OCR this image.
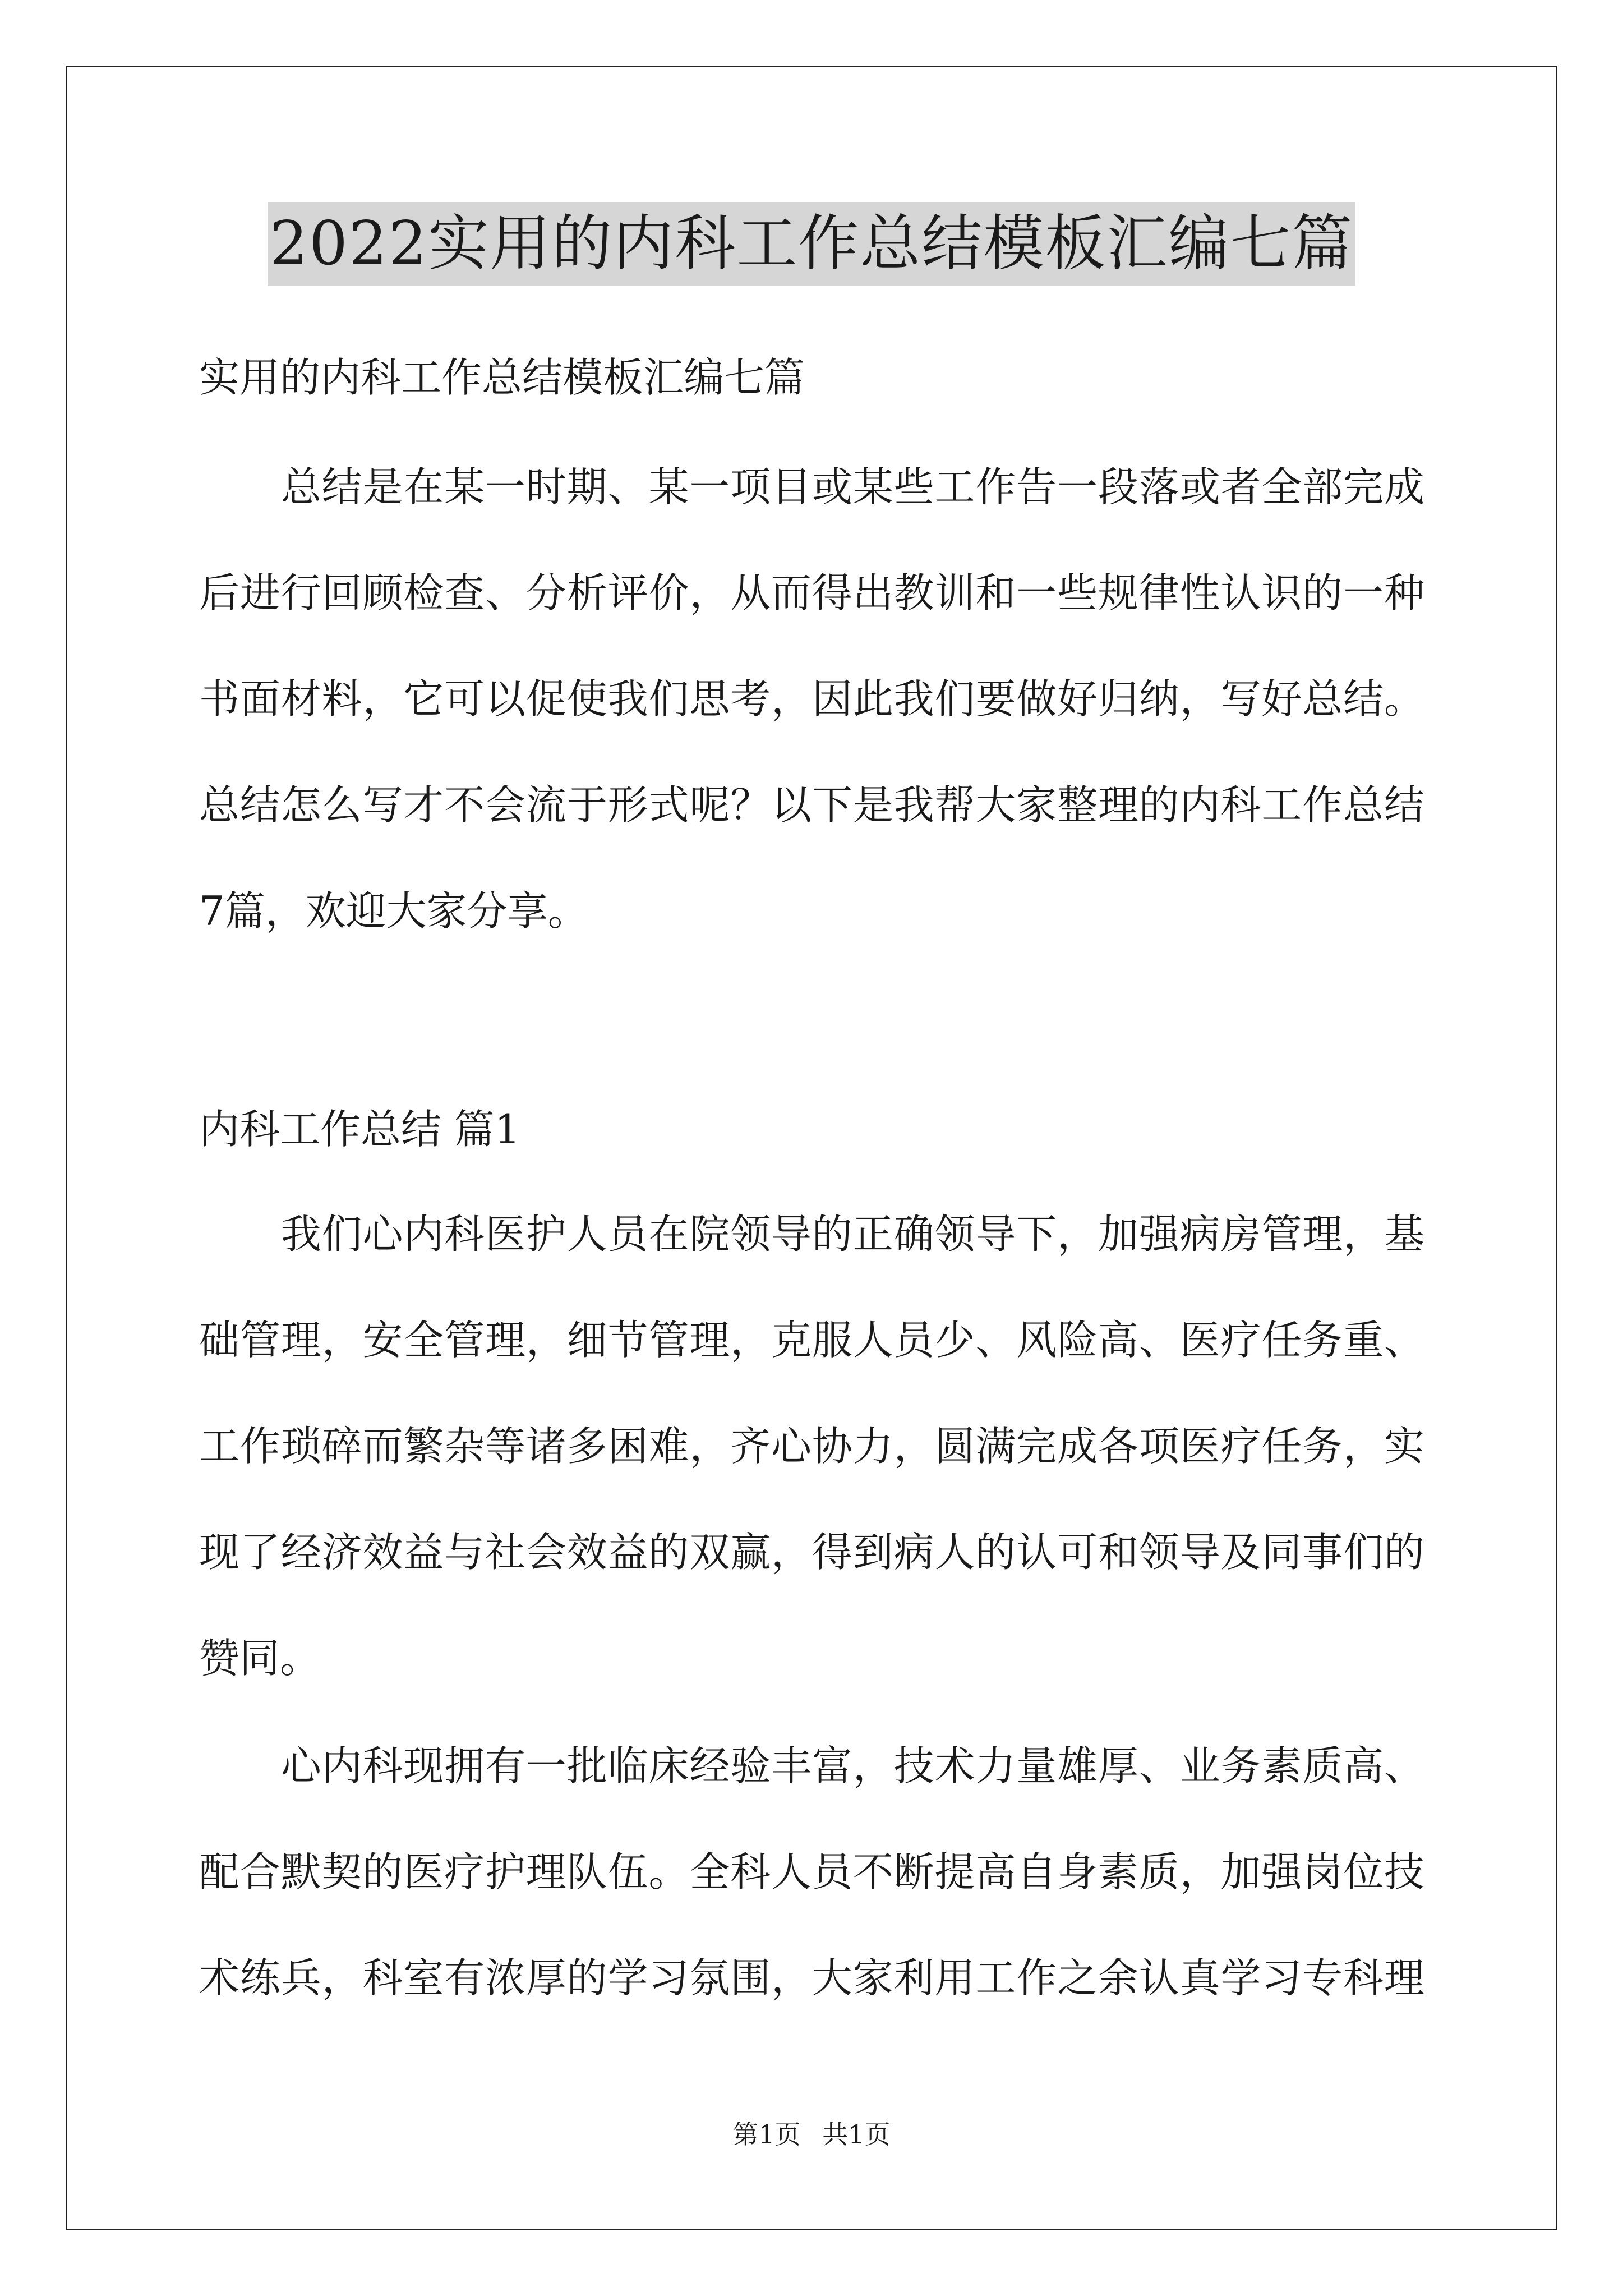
2022实用的内科工作总结模板汇编七篇
实用的内科工作总结模板汇编七篇
　　总结是在某一时期、某一项目或某些工作告一段落或者全部完成
后进行回顾检查、分析评价，从而得出教训和一些规律性认识的一种
书面材料，它可以促使我们思考，因此我们要做好归纳，写好总结。
总结怎么写才不会流于形式呢？以下是我帮大家整理的内科工作总结
7篇，欢迎大家分享。
内科工作总结 篇1
　　我们心内科医护人员在院领导的正确领导下，加强病房管理，基
础管理，安全管理，细节管理，克服人员少、风险高、医疗任务重、
工作琐碎而繁杂等诸多困难，齐心协力，圆满完成各项医疗任务，实
现了经济效益与社会效益的双赢，得到病人的认可和领导及同事们的
赞同。
　　心内科现拥有一批临床经验丰富，技术力量雄厚、业务素质高、
配合默契的医疗护理队伍。全科人员不断提高自身素质，加强岗位技
术练兵，科室有浓厚的学习氛围，大家利用工作之余认真学习专科理
第1页 共1页
